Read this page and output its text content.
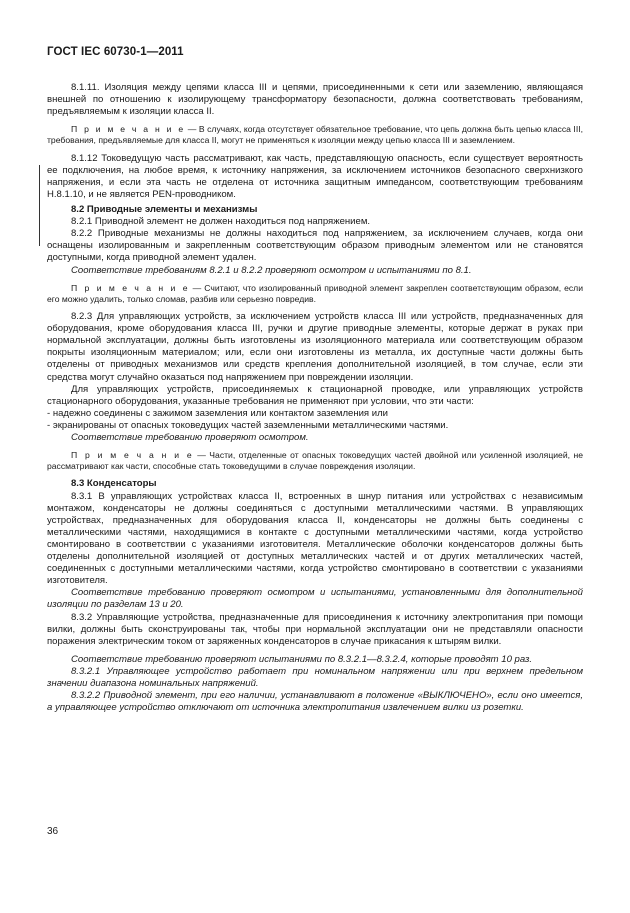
ГОСТ IEC 60730-1—2011

8.1.11. Изоляция между цепями класса III и цепями, присоединенными к сети или заземлению, являющаяся внешней по отношению к изолирующему трансформатору безопасности, должна соответствовать требованиям, предъявляемым к изоляции класса II.

П р и м е ч а н и е — В случаях, когда отсутствует обязательное требование, что цепь должна быть цепью класса III, требования, предъявляемые для класса II, могут не применяться к изоляции между цепью класса III и заземлением.

8.1.12 Токоведущую часть рассматривают, как часть, представляющую опасность, если существует вероятность ее подключения, на любое время, к источнику напряжения, за исключением источников безопасного сверхнизкого напряжения, и если эта часть не отделена от источника защитным импедансом, соответствующим требованиям H.8.1.10, и не является PEN-проводником.

8.2 Приводные элементы и механизмы

8.2.1 Приводной элемент не должен находиться под напряжением.

8.2.2 Приводные механизмы не должны находиться под напряжением, за исключением случаев, когда они оснащены изолированным и закрепленным соответствующим образом приводным элементом или не становятся доступными, когда приводной элемент удален.

Соответствие требованиям 8.2.1 и 8.2.2 проверяют осмотром и испытаниями по 8.1.

П р и м е ч а н и е — Считают, что изолированный приводной элемент закреплен соответствующим образом, если его можно удалить, только сломав, разбив или серьезно повредив.

8.2.3 Для управляющих устройств, за исключением устройств класса III или устройств, предназначенных для оборудования, кроме оборудования класса III, ручки и другие приводные элементы, которые держат в руках при нормальной эксплуатации, должны быть изготовлены из изоляционного материала или соответствующим образом покрыты изоляционным материалом; или, если они изготовлены из металла, их доступные части должны быть отделены от приводных механизмов или средств крепления дополнительной изоляцией, в том случае, если эти средства могут случайно оказаться под напряжением при повреждении изоляции.

Для управляющих устройств, присоединяемых к стационарной проводке, или управляющих устройств стационарного оборудования, указанные требования не применяют при условии, что эти части:

- надежно соединены с зажимом заземления или контактом заземления или

- экранированы от опасных токоведущих частей заземленными металлическими частями.

Соответствие требованию проверяют осмотром.

П р и м е ч а н и е — Части, отделенные от опасных токоведущих частей двойной или усиленной изоляцией, не рассматривают как части, способные стать токоведущими в случае повреждения изоляции.

8.3 Конденсаторы

8.3.1 В управляющих устройствах класса II, встроенных в шнур питания или устройствах с независимым монтажом, конденсаторы не должны соединяться с доступными металлическими частями. В управляющих устройствах, предназначенных для оборудования класса II, конденсаторы не должны быть соединены с металлическими частями, находящимися в контакте с доступными металлическими частями, когда устройство смонтировано в соответствии с указаниями изготовителя. Металлические оболочки конденсаторов должны быть отделены дополнительной изоляцией от доступных металлических частей и от других металлических частей, соединенных с доступными металлическими частями, когда устройство смонтировано в соответствии с указаниями изготовителя.

Соответствие требованию проверяют осмотром и испытаниями, установленными для дополнительной изоляции по разделам 13 и 20.

8.3.2 Управляющие устройства, предназначенные для присоединения к источнику электропитания при помощи вилки, должны быть сконструированы так, чтобы при нормальной эксплуатации они не представляли опасности поражения электрическим током от заряженных конденсаторов в случае прикасания к штырям вилки.

Соответствие требованию проверяют испытаниями по 8.3.2.1—8.3.2.4, которые проводят 10 раз.

8.3.2.1 Управляющее устройство работает при номинальном напряжении или при верхнем предельном значении диапазона номинальных напряжений.

8.3.2.2 Приводной элемент, при его наличии, устанавливают в положение «ВЫКЛЮЧЕНО», если оно имеется, а управляющее устройство отключают от источника электропитания извлечением вилки из розетки.

36
